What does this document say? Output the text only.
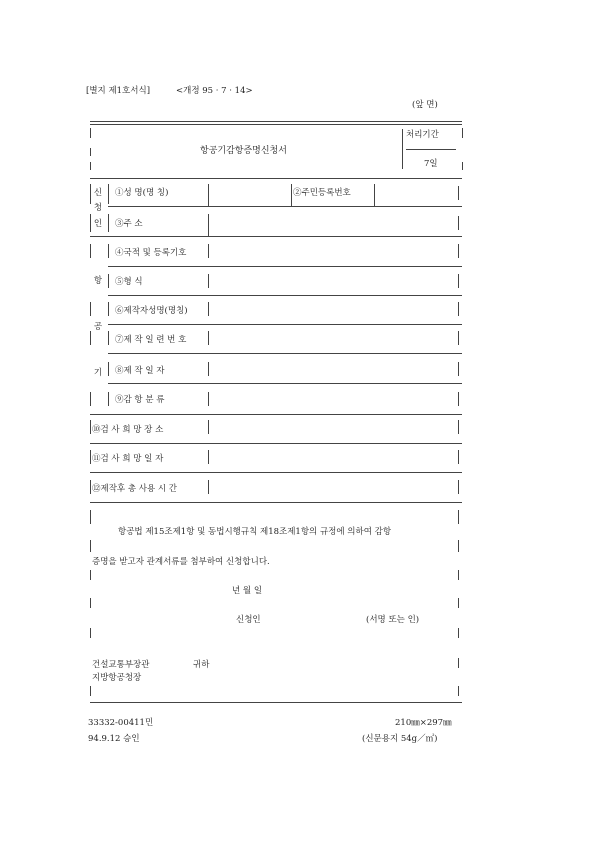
[별지 제1호서식]	<개정 95 · 7 · 14>
(앞 면)
항공기감항증명신청서
처리기간
7일
신
청
인
①성 명(명 칭)	②주민등록번호
③주 소
항
공
기
④국적 및 등록기호
⑤형 식
⑥제작자성명(명칭)
⑦제 작 일 련 번 호
⑧제 작 일 자
⑨감 항 분 류
⑩검 사 희 망 장 소
⑪검 사 희 망 일 자
⑫제작후 총 사용 시 간
항공법 제15조제1항 및 동법시행규칙 제18조제1항의 규정에 의하여 감항
증명을 받고자 관계서류를 첨부하여 신청합니다.
년 월 일
신청인	(서명 또는 인)
건설교통부장관	귀하
지방항공청장
33332-00411민	210㎜×297㎜
94.9.12 승인	(신문용지 54g／㎡)
